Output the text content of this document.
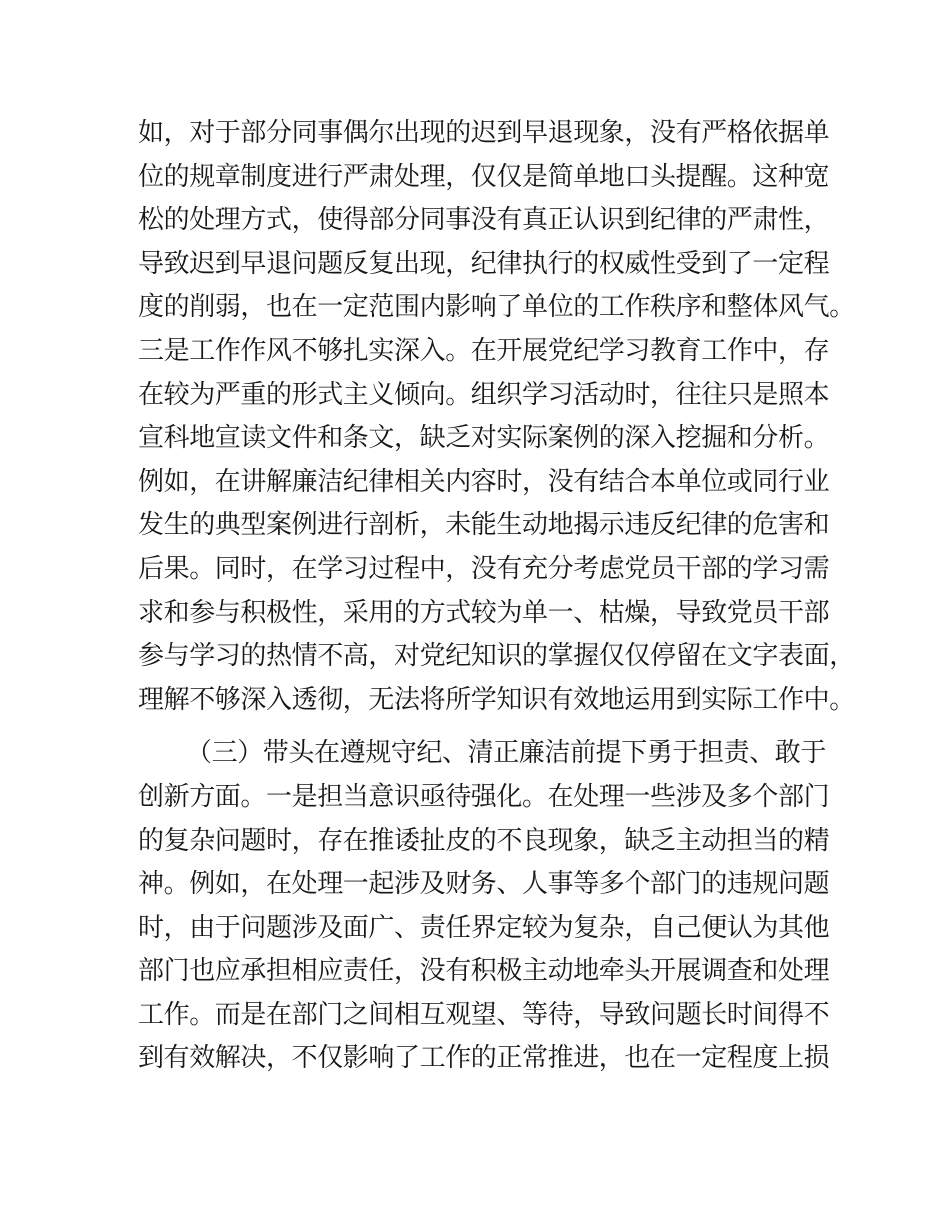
如，对于部分同事偶尔出现的迟到早退现象，没有严格依据单
位的规章制度进行严肃处理，仅仅是简单地口头提醒。这种宽
松的处理方式，使得部分同事没有真正认识到纪律的严肃性，
导致迟到早退问题反复出现，纪律执行的权威性受到了一定程
度的削弱，也在一定范围内影响了单位的工作秩序和整体风气。
三是工作作风不够扎实深入。在开展党纪学习教育工作中，存
在较为严重的形式主义倾向。组织学习活动时，往往只是照本
宣科地宣读文件和条文，缺乏对实际案例的深入挖掘和分析。
例如，在讲解廉洁纪律相关内容时，没有结合本单位或同行业
发生的典型案例进行剖析，未能生动地揭示违反纪律的危害和
后果。同时，在学习过程中，没有充分考虑党员干部的学习需
求和参与积极性，采用的方式较为单一、枯燥，导致党员干部
参与学习的热情不高，对党纪知识的掌握仅仅停留在文字表面，
理解不够深入透彻，无法将所学知识有效地运用到实际工作中。
（三）带头在遵规守纪、清正廉洁前提下勇于担责、敢于
创新方面。一是担当意识亟待强化。在处理一些涉及多个部门
的复杂问题时，存在推诿扯皮的不良现象，缺乏主动担当的精
神。例如，在处理一起涉及财务、人事等多个部门的违规问题
时，由于问题涉及面广、责任界定较为复杂，自己便认为其他
部门也应承担相应责任，没有积极主动地牵头开展调查和处理
工作。而是在部门之间相互观望、等待，导致问题长时间得不
到有效解决，不仅影响了工作的正常推进，也在一定程度上损
